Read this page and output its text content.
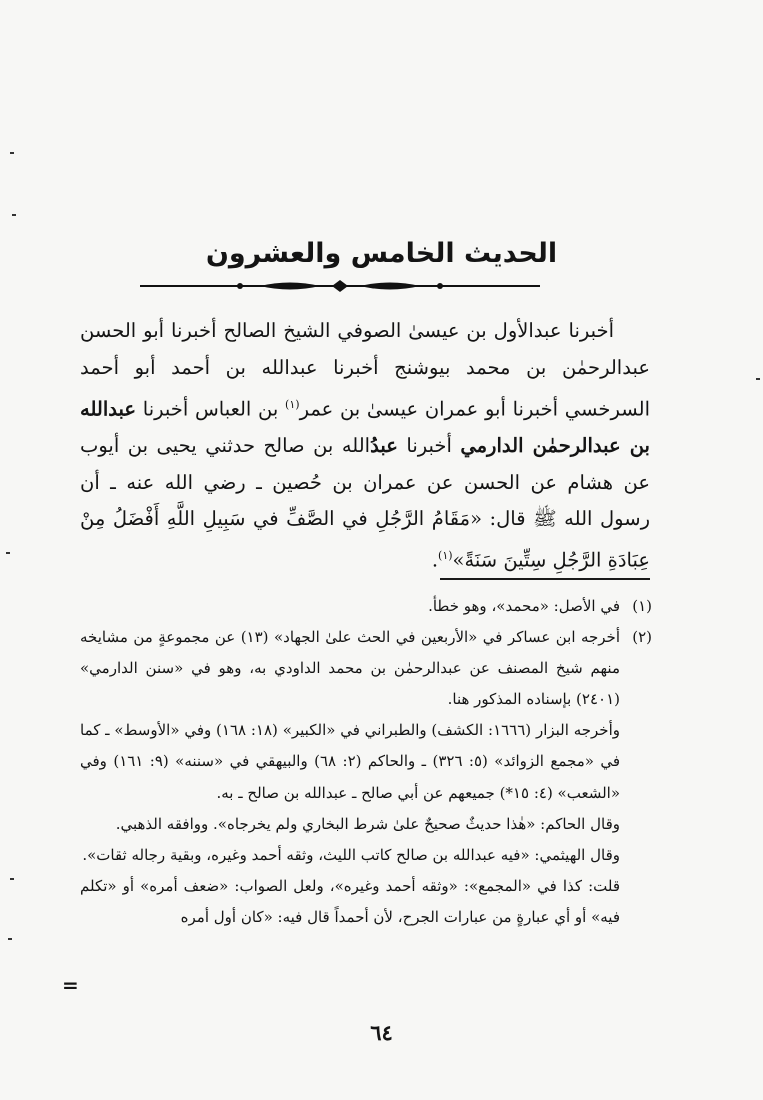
الحديث الخامس والعشرون

أخبرنا عبدالأول بن عيسىٰ الصوفي الشيخ الصالح أخبرنا أبو الحسن عبدالرحمٰن بن محمد بيوشنج أخبرنا عبدالله بن أحمد أبو أحمد السرخسي أخبرنا أبو عمران عيسىٰ بن عمر$^{(١)}$ بن العباس أخبرنا عبدالله بن عبدالرحمٰن الدارمي أخبرنا عبدُالله بن صالح حدثني يحيى بن أيوب عن هشام عن الحسن عن عمران بن حُصين ـ رضي الله عنه ـ أن رسول الله ﷺ قال: «مَقَامُ الرَّجُلِ في الصَّفِّ في سَبِيلِ اللَّهِ أَفْضَلُ مِنْ عِبَادَةِ الرَّجُلِ سِتِّينَ سَنَةً»$^{(١)}$.

(١)
في الأصل: «محمد»، وهو خطأ.
(٢)
أخرجه ابن عساكر في «الأربعين في الحث علىٰ الجهاد» (١٣) عن مجموعةٍ من مشايخه منهم شيخ المصنف عن عبدالرحمٰن بن محمد الداودي به، وهو في «سنن الدارمي» (٢٤٠١) بإسناده المذكور هنا.

وأخرجه البزار (١٦٦٦: الكشف) والطبراني في «الكبير» (١٨: ١٦٨) وفي «الأوسط» ـ كما في «مجمع الزوائد» (٥: ٣٢٦) ـ والحاكم (٢: ٦٨) والبيهقي في «سننه» (٩: ١٦١) وفي «الشعب» (٤: ١٥*) جميعهم عن أبي صالح ـ عبدالله بن صالح ـ به.

وقال الحاكم: «هٰذا حديثٌ صحيحٌ علىٰ شرط البخاري ولم يخرجاه». ووافقه الذهبي.

وقال الهيثمي: «فيه عبدالله بن صالح كاتب الليث، وثقه أحمد وغيره، وبقية رجاله ثقات».

قلت: كذا في «المجمع»: «وثقه أحمد وغيره»، ولعل الصواب: «ضعف أمره» أو «تكلم فيه» أو أي عبارةٍ من عبارات الجرح، لأن أحمداً قال فيه: «كان أول أمره

=
٦٤
